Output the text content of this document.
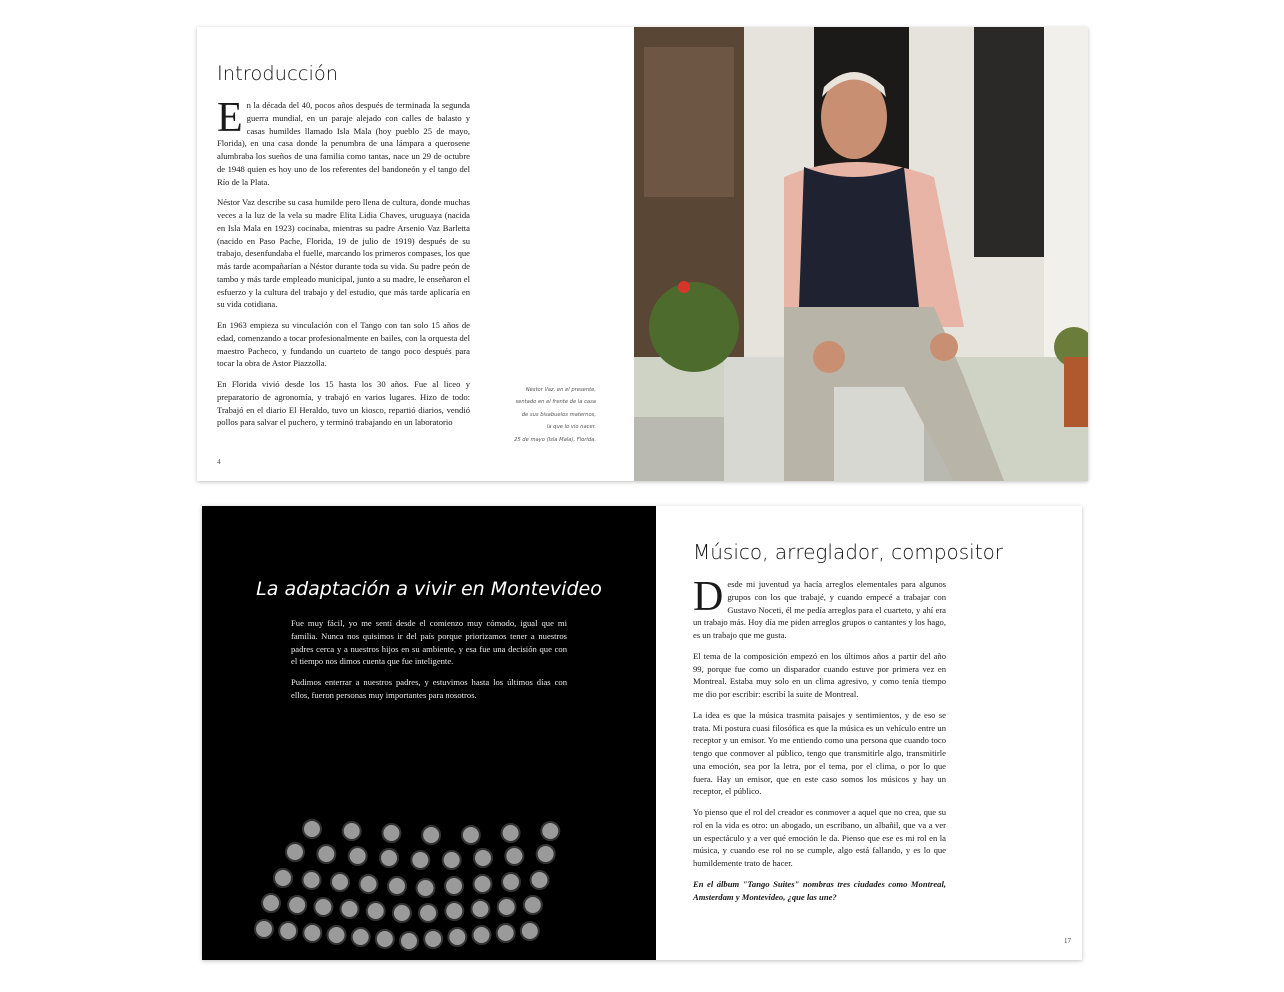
Introducción

En la década del 40, pocos años después de terminada la segunda guerra mundial, en un paraje alejado con calles de balasto y casas humildes llamado Isla Mala (hoy pueblo 25 de mayo, Florida), en una casa donde la penumbra de una lámpara a querosene alumbraba los sueños de una familia como tantas, nace un 29 de octubre de 1948 quien es hoy uno de los referentes del bandoneón y el tango del Río de la Plata.

Néstor Vaz describe su casa humilde pero llena de cultura, donde muchas veces a la luz de la vela su madre Elita Lidia Chaves, uruguaya (nacida en Isla Mala en 1923) cocinaba, mientras su padre Arsenio Vaz Barletta (nacido en Paso Pache, Florida, 19 de julio de 1919) después de su trabajo, desenfundaba el fuelle, marcando los primeros compases, los que más tarde acompañarían a Néstor durante toda su vida. Su padre peón de tambo y más tarde empleado municipal, junto a su madre, le enseñaron el esfuerzo y la cultura del trabajo y del estudio, que más tarde aplicaría en su vida cotidiana.

En 1963 empieza su vinculación con el Tango con tan solo 15 años de edad, comenzando a tocar profesionalmente en bailes, con la orquesta del maestro Pacheco, y fundando un cuarteto de tango poco después para tocar la obra de Astor Piazzolla.

En Florida vivió desde los 15 hasta los 30 años. Fue al liceo y preparatorio de agronomía, y trabajó en varios lugares. Hizo de todo: Trabajó en el diario El Heraldo, tuvo un kiosco, repartió diarios, vendió pollos para salvar el puchero, y terminó trabajando en un laboratorio

Néstor Vaz, en el presente,
sentado en el frente de la casa
de sus bisabuelos maternos,
la que lo vio nacer.
25 de mayo (Isla Mala), Florida.
4
La adaptación a vivir en Montevideo

Fue muy fácil, yo me sentí desde el comienzo muy cómodo, igual que mi familia. Nunca nos quisimos ir del país porque priorizamos tener a nuestros padres cerca y a nuestros hijos en su ambiente, y esa fue una decisión que con el tiempo nos dimos cuenta que fue inteligente.

Pudimos enterrar a nuestros padres, y estuvimos hasta los últimos días con ellos, fueron personas muy importantes para nosotros.

Músico, arreglador, compositor

Desde mi juventud ya hacía arreglos elementales para algunos grupos con los que trabajé, y cuando empecé a trabajar con Gustavo Noceti, él me pedía arreglos para el cuarteto, y ahí era un trabajo más. Hoy día me piden arreglos grupos o cantantes y los hago, es un trabajo que me gusta.

El tema de la composición empezó en los últimos años a partir del año 99, porque fue como un disparador cuando estuve por primera vez en Montreal. Estaba muy solo en un clima agresivo, y como tenía tiempo me dio por escribir: escribí la suite de Montreal.

La idea es que la música trasmita paisajes y sentimientos, y de eso se trata. Mi postura cuasi filosófica es que la música es un vehículo entre un receptor y un emisor. Yo me entiendo como una persona que cuando toco tengo que conmover al público, tengo que transmitirle algo, transmitirle una emoción, sea por la letra, por el tema, por el clima, o por lo que fuera. Hay un emisor, que en este caso somos los músicos y hay un receptor, el público.

Yo pienso que el rol del creador es conmover a aquel que no crea, que su rol en la vida es otro: un abogado, un escribano, un albañil, que va a ver un espectáculo y a ver qué emoción le da. Pienso que ese es mi rol en la música, y cuando ese rol no se cumple, algo está fallando, y es lo que humildemente trato de hacer.

En el álbum "Tango Suites" nombras tres ciudades como Montreal, Amsterdam y Montevideo, ¿que las une?

17
